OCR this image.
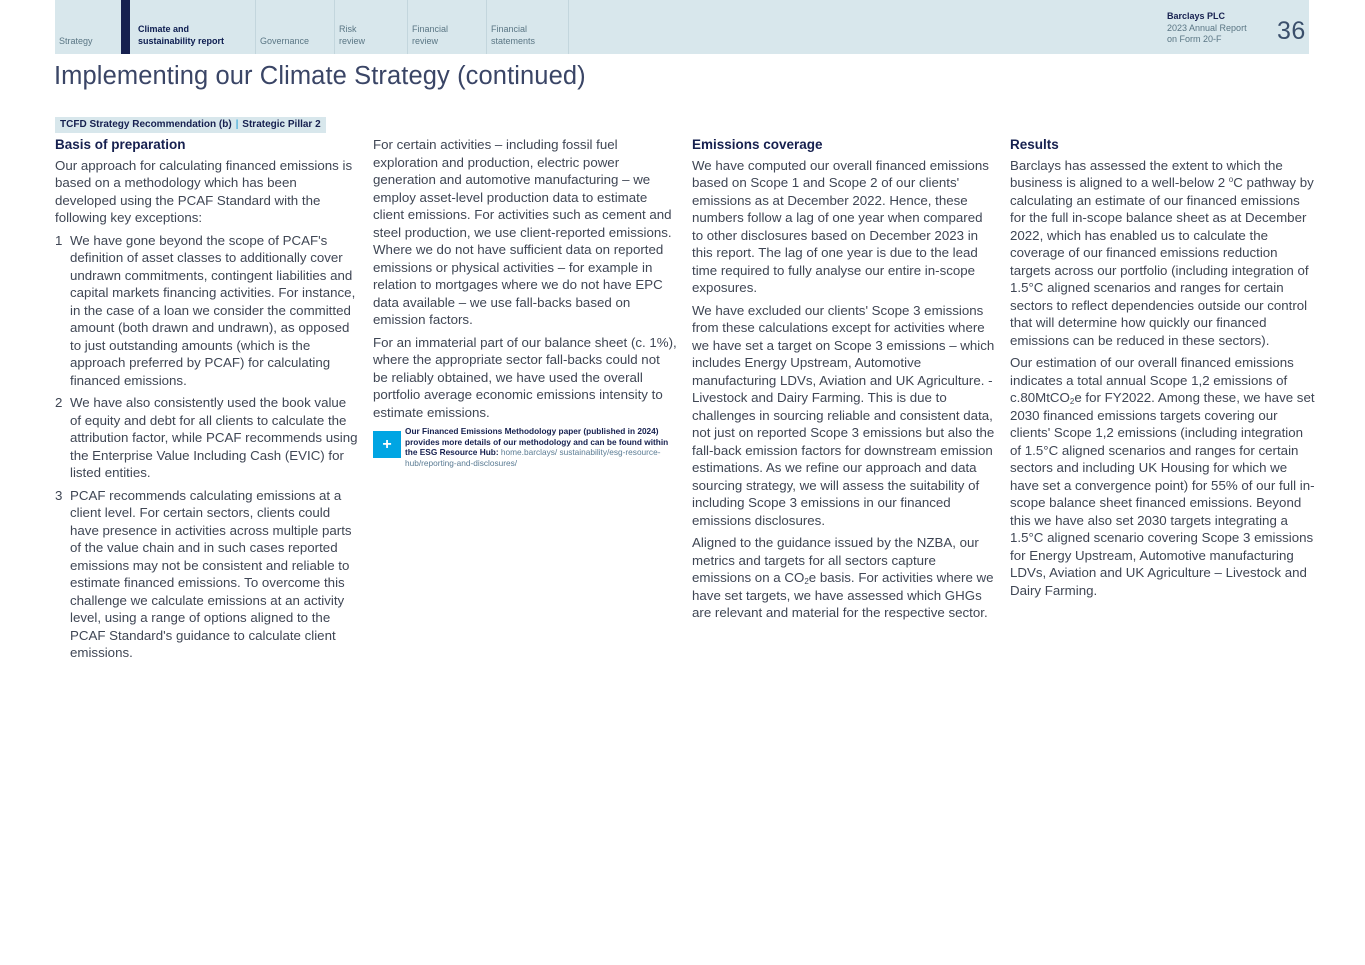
Strategy
Climate and
sustainability report	Governance
Risk
review
Financial
review
Financial
statements
Barclays PLC
2023 Annual Report
on Form 20-F	36
Implementing our Climate Strategy (continued)
TCFD Strategy Recommendation (b) | Strategic Pillar 2
Basis of preparation

Our approach for calculating financed emissions is based on a methodology which has been developed using the PCAF Standard with the following key exceptions:

1 We have gone beyond the scope of PCAF's definition of asset classes to additionally cover undrawn commitments, contingent liabilities and capital markets financing activities. For instance, in the case of a loan we consider the committed amount (both drawn and undrawn), as opposed to just outstanding amounts (which is the approach preferred by PCAF) for calculating financed emissions.
2 We have also consistently used the book value of equity and debt for all clients to calculate the attribution factor, while PCAF recommends using the Enterprise Value Including Cash (EVIC) for listed entities.
3 PCAF recommends calculating emissions at a client level. For certain sectors, clients could have presence in activities across multiple parts of the value chain and in such cases reported emissions may not be consistent and reliable to estimate financed emissions. To overcome this challenge we calculate emissions at an activity level, using a range of options aligned to the PCAF Standard's guidance to calculate client emissions.

For certain activities – including fossil fuel exploration and production, electric power generation and automotive manufacturing – we employ asset-level production data to estimate client emissions. For activities such as cement and steel production, we use client-reported emissions. Where we do not have sufficient data on reported emissions or physical activities – for example in relation to mortgages where we do not have EPC data available – we use fall-backs based on emission factors.

For an immaterial part of our balance sheet (c. 1%), where the appropriate sector fall-backs could not be reliably obtained, we have used the overall portfolio average economic emissions intensity to estimate emissions.

+
Our Financed Emissions Methodology paper (published in 2024) provides more details of our methodology and can be found within the ESG Resource Hub: home.barclays/ sustainability/esg-resource-hub/reporting-and-disclosures/
Emissions coverage

We have computed our overall financed emissions based on Scope 1 and Scope 2 of our clients' emissions as at December 2022. Hence, these numbers follow a lag of one year when compared to other disclosures based on December 2023 in this report. The lag of one year is due to the lead time required to fully analyse our entire in-scope exposures.

We have excluded our clients' Scope 3 emissions from these calculations except for activities where we have set a target on Scope 3 emissions – which includes Energy Upstream, Automotive manufacturing LDVs, Aviation and UK Agriculture. - Livestock and Dairy Farming. This is due to challenges in sourcing reliable and consistent data, not just on reported Scope 3 emissions but also the fall-back emission factors for downstream emission estimations. As we refine our approach and data sourcing strategy, we will assess the suitability of including Scope 3 emissions in our financed emissions disclosures.

Aligned to the guidance issued by the NZBA, our metrics and targets for all sectors capture emissions on a $CO_2e$ basis. For activities where we have set targets, we have assessed which GHGs are relevant and material for the respective sector.

Results

Barclays has assessed the extent to which the business is aligned to a well-below 2 $^o$C pathway by calculating an estimate of our financed emissions for the full in-scope balance sheet as at December 2022, which has enabled us to calculate the coverage of our financed emissions reduction targets across our portfolio (including integration of 1.5°C aligned scenarios and ranges for certain sectors to reflect dependencies outside our control that will determine how quickly our financed emissions can be reduced in these sectors).

Our estimation of our overall financed emissions indicates a total annual Scope 1,2 emissions of c.80MtCO$_2$e for FY2022. Among these, we have set 2030 financed emissions targets covering our clients' Scope 1,2 emissions (including integration of 1.5°C aligned scenarios and ranges for certain sectors and including UK Housing for which we have set a convergence point) for 55% of our full in-scope balance sheet financed emissions. Beyond this we have also set 2030 targets integrating a 1.5°C aligned scenario covering Scope 3 emissions for Energy Upstream, Automotive manufacturing LDVs, Aviation and UK Agriculture – Livestock and Dairy Farming.
